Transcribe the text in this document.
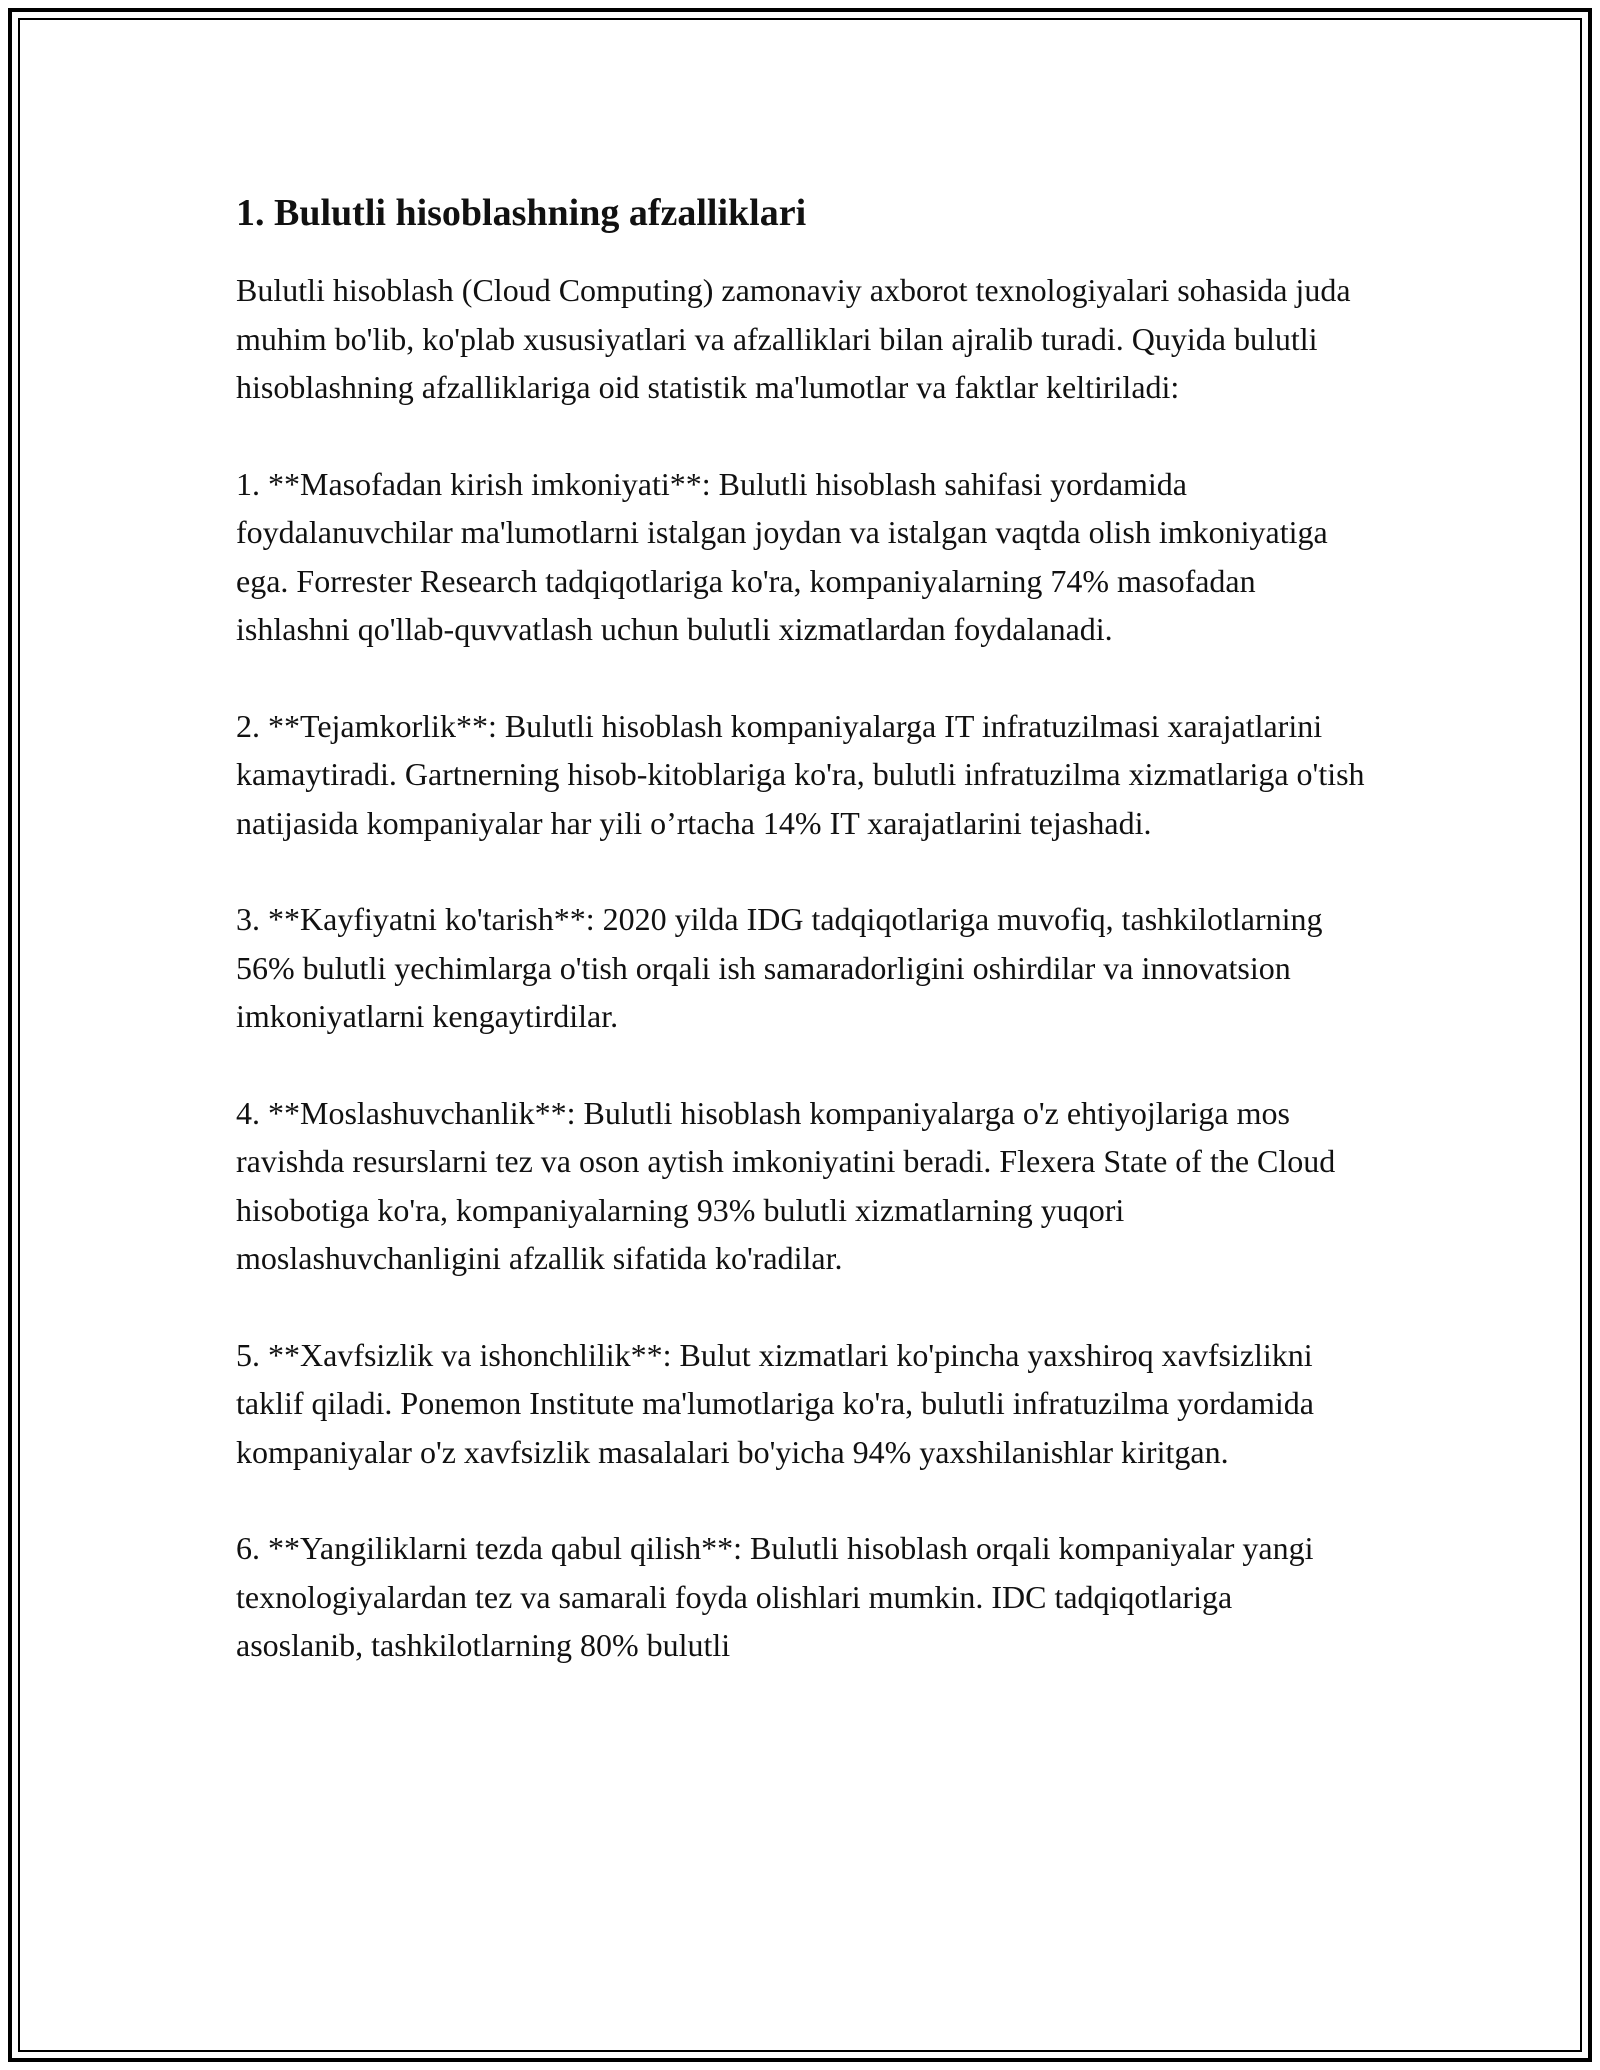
1. Bulutli hisoblashning afzalliklari

Bulutli hisoblash (Cloud Computing) zamonaviy axborot texnologiyalari sohasida juda muhim bo'lib, ko'plab xususiyatlari va afzalliklari bilan ajralib turadi. Quyida bulutli hisoblashning afzalliklariga oid statistik ma'lumotlar va faktlar keltiriladi:

1. **Masofadan kirish imkoniyati**: Bulutli hisoblash sahifasi yordamida foydalanuvchilar ma'lumotlarni istalgan joydan va istalgan vaqtda olish imkoniyatiga ega. Forrester Research tadqiqotlariga ko'ra, kompaniyalarning 74% masofadan ishlashni qo'llab-quvvatlash uchun bulutli xizmatlardan foydalanadi.

2. **Tejamkorlik**: Bulutli hisoblash kompaniyalarga IT infratuzilmasi xarajatlarini kamaytiradi. Gartnerning hisob-kitoblariga ko'ra, bulutli infratuzilma xizmatlariga o'tish natijasida kompaniyalar har yili o’rtacha 14% IT xarajatlarini tejashadi.

3. **Kayfiyatni ko'tarish**: 2020 yilda IDG tadqiqotlariga muvofiq, tashkilotlarning 56% bulutli yechimlarga o'tish orqali ish samaradorligini oshirdilar va innovatsion imkoniyatlarni kengaytirdilar.

4. **Moslashuvchanlik**: Bulutli hisoblash kompaniyalarga o'z ehtiyojlariga mos ravishda resurslarni tez va oson aytish imkoniyatini beradi. Flexera State of the Cloud hisobotiga ko'ra, kompaniyalarning 93% bulutli xizmatlarning yuqori moslashuvchanligini afzallik sifatida ko'radilar.

5. **Xavfsizlik va ishonchlilik**: Bulut xizmatlari ko'pincha yaxshiroq xavfsizlikni taklif qiladi. Ponemon Institute ma'lumotlariga ko'ra, bulutli infratuzilma yordamida kompaniyalar o'z xavfsizlik masalalari bo'yicha 94% yaxshilanishlar kiritgan.

6. **Yangiliklarni tezda qabul qilish**: Bulutli hisoblash orqali kompaniyalar yangi texnologiyalardan tez va samarali foyda olishlari mumkin. IDC tadqiqotlariga asoslanib, tashkilotlarning 80% bulutli
